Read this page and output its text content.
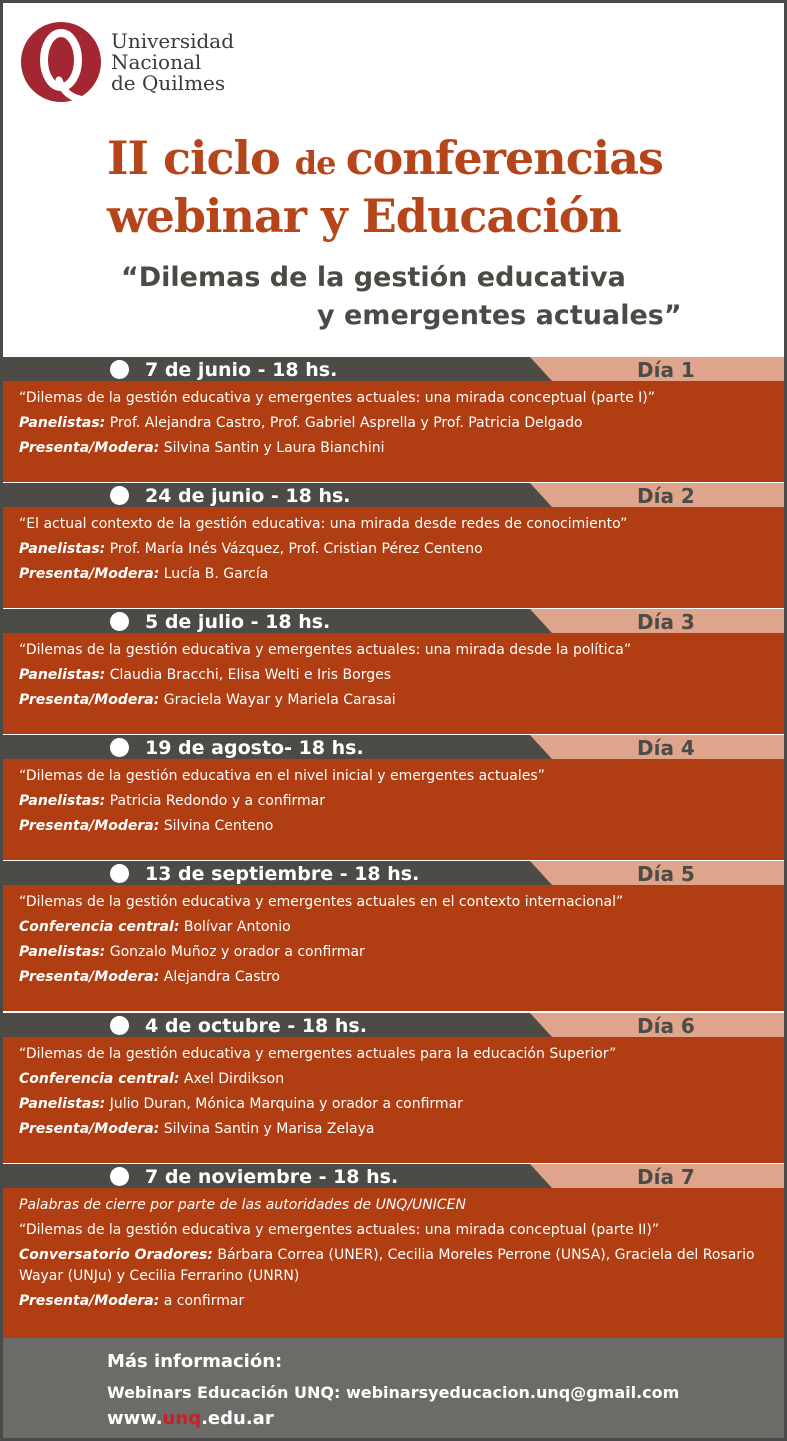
Universidad
Nacional
de Quilmes
II ciclo de conferencias
webinar y Educación
“Dilemas de la gestión educativa
y emergentes actuales”
7 de junio - 18 hs.	Día 1
“Dilemas de la gestión educativa y emergentes actuales: una mirada conceptual (parte I)”
Panelistas: Prof. Alejandra Castro, Prof. Gabriel Asprella y Prof. Patricia Delgado
Presenta/Modera: Silvina Santin y Laura Bianchini
24 de junio - 18 hs.	Día 2
“El actual contexto de la gestión educativa: una mirada desde redes de conocimiento”
Panelistas: Prof. María Inés Vázquez, Prof. Cristian Pérez Centeno
Presenta/Modera: Lucía B. García
5 de julio - 18 hs.	Día 3
“Dilemas de la gestión educativa y emergentes actuales: una mirada desde la política”
Panelistas: Claudia Bracchi, Elisa Welti e Iris Borges
Presenta/Modera: Graciela Wayar y Mariela Carasai
19 de agosto- 18 hs.	Día 4
“Dilemas de la gestión educativa en el nivel inicial y emergentes actuales”
Panelistas: Patricia Redondo y a confirmar
Presenta/Modera: Silvina Centeno
13 de septiembre - 18 hs.	Día 5
“Dilemas de la gestión educativa y emergentes actuales en el contexto internacional”
Conferencia central: Bolívar Antonio
Panelistas: Gonzalo Muñoz y orador a confirmar
Presenta/Modera: Alejandra Castro
4 de octubre - 18 hs.	Día 6
“Dilemas de la gestión educativa y emergentes actuales para la educación Superior”
Conferencia central: Axel Dirdikson
Panelistas: Julio Duran, Mónica Marquina y orador a confirmar
Presenta/Modera: Silvina Santin y Marisa Zelaya
7 de noviembre - 18 hs.	Día 7
Palabras de cierre por parte de las autoridades de UNQ/UNICEN
“Dilemas de la gestión educativa y emergentes actuales: una mirada conceptual (parte II)”
Conversatorio Oradores: Bárbara Correa (UNER), Cecilia Moreles Perrone (UNSA), Graciela del Rosario Wayar (UNJu) y Cecilia Ferrarino (UNRN)
Presenta/Modera: a confirmar
Más información:
Webinars Educación UNQ: webinarsyeducacion.unq@gmail.com
www.unq.edu.ar
